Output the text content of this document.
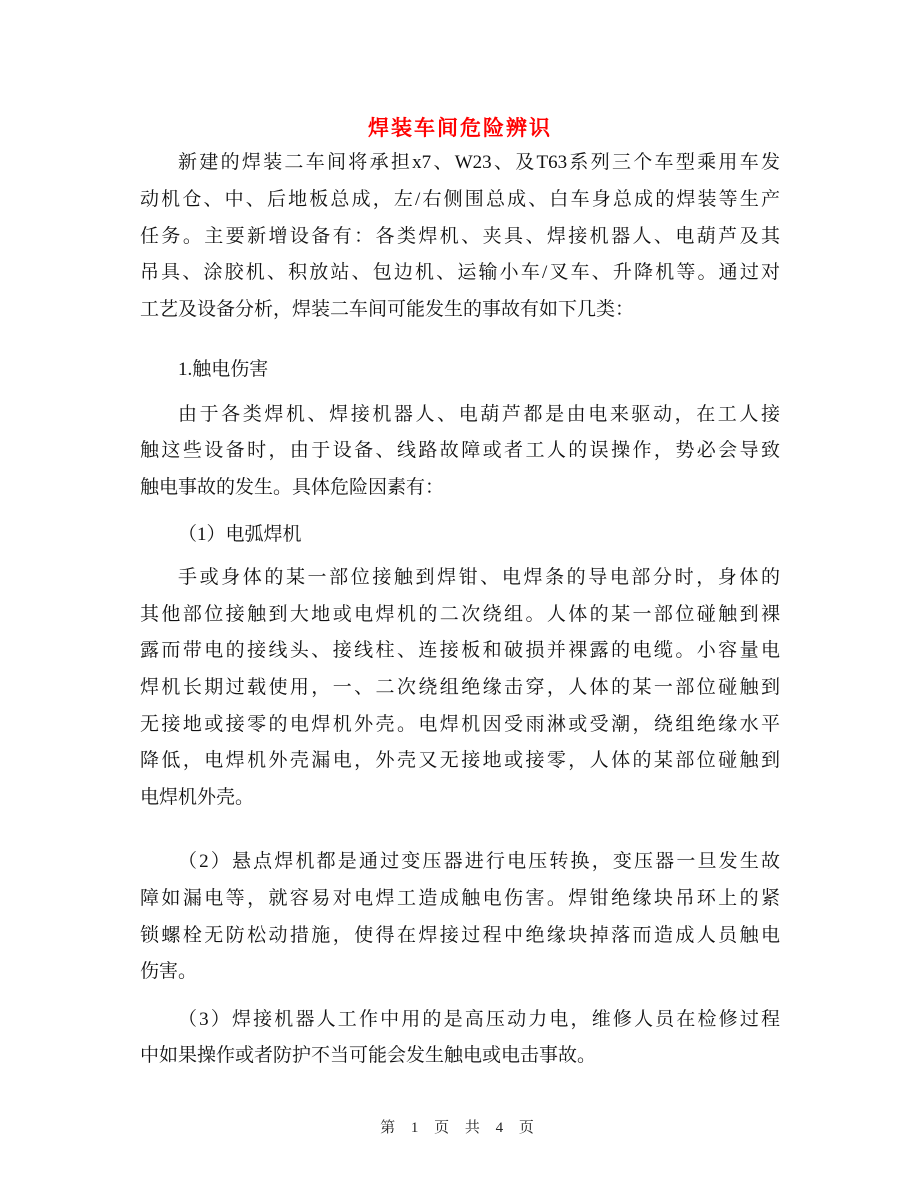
焊装车间危险辨识
新建的焊装二车间将承担x7、W23、及T63系列三个车型乘用车发
动机仓、中、后地板总成，左/右侧围总成、白车身总成的焊装等生产
任务。主要新增设备有：各类焊机、夹具、焊接机器人、电葫芦及其
吊具、涂胶机、积放站、包边机、运输小车/叉车、升降机等。通过对
工艺及设备分析，焊装二车间可能发生的事故有如下几类：
1.触电伤害
由于各类焊机、焊接机器人、电葫芦都是由电来驱动，在工人接
触这些设备时，由于设备、线路故障或者工人的误操作，势必会导致
触电事故的发生。具体危险因素有：
（1）电弧焊机
手或身体的某一部位接触到焊钳、电焊条的导电部分时，身体的
其他部位接触到大地或电焊机的二次绕组。人体的某一部位碰触到裸
露而带电的接线头、接线柱、连接板和破损并裸露的电缆。小容量电
焊机长期过载使用，一、二次绕组绝缘击穿，人体的某一部位碰触到
无接地或接零的电焊机外壳。电焊机因受雨淋或受潮，绕组绝缘水平
降低，电焊机外壳漏电，外壳又无接地或接零，人体的某部位碰触到
电焊机外壳。
（2）悬点焊机都是通过变压器进行电压转换，变压器一旦发生故
障如漏电等，就容易对电焊工造成触电伤害。焊钳绝缘块吊环上的紧
锁螺栓无防松动措施，使得在焊接过程中绝缘块掉落而造成人员触电
伤害。
（3）焊接机器人工作中用的是高压动力电，维修人员在检修过程
中如果操作或者防护不当可能会发生触电或电击事故。
第 1 页 共 4 页
